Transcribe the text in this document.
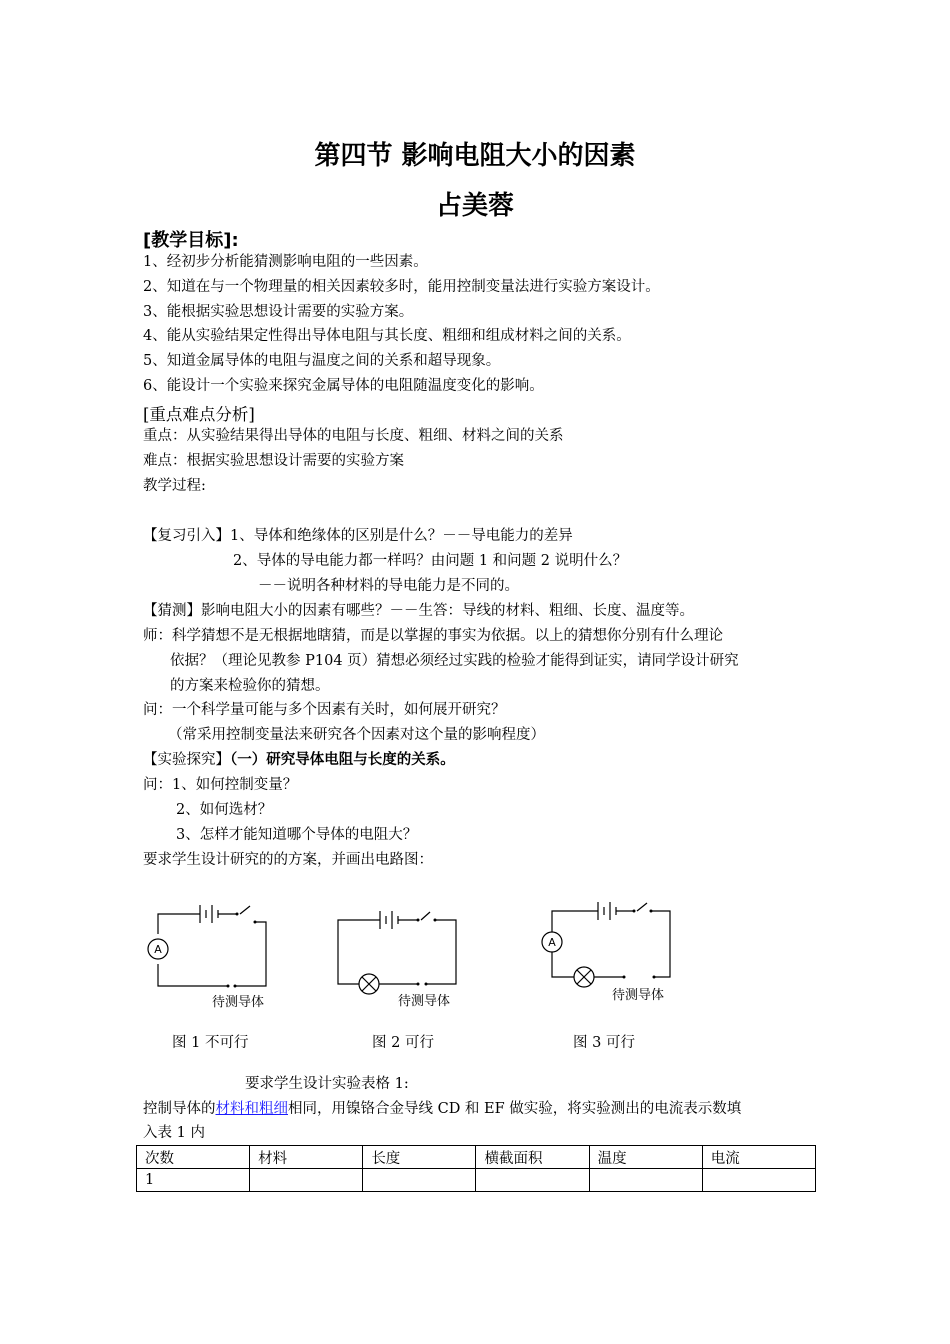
第四节 影响电阻大小的因素
占美蓉
[教学目标]:
1、经初步分析能猜测影响电阻的一些因素。
2、知道在与一个物理量的相关因素较多时，能用控制变量法进行实验方案设计。
3、能根据实验思想设计需要的实验方案。
4、能从实验结果定性得出导体电阻与其长度、粗细和组成材料之间的关系。
5、知道金属导体的电阻与温度之间的关系和超导现象。
6、能设计一个实验来探究金属导体的电阻随温度变化的影响。
[重点难点分析]
重点：从实验结果得出导体的电阻与长度、粗细、材料之间的关系
难点：根据实验思想设计需要的实验方案
教学过程:
【复习引入】1、导体和绝缘体的区别是什么？－－导电能力的差异
2、导体的导电能力都一样吗？由问题 1 和问题 2 说明什么？
－－说明各种材料的导电能力是不同的。
【猜测】影响电阻大小的因素有哪些？－－生答：导线的材料、粗细、长度、温度等。
师：科学猜想不是无根据地瞎猜，而是以掌握的事实为依据。以上的猜想你分别有什么理论
依据？（理论见教参 P104 页）猜想必须经过实践的检验才能得到证实，请同学设计研究
的方案来检验你的猜想。
问：一个科学量可能与多个因素有关时，如何展开研究？
（常采用控制变量法来研究各个因素对这个量的影响程度）
【实验探究】（一）研究导体电阻与长度的关系。
问：1、如何控制变量？
2、如何选材？
3、怎样才能知道哪个导体的电阻大？
要求学生设计研究的的方案，并画出电路图：
A
待测导体	待测导体
A
待测导体
图 1 不可行	图 2 可行	图 3 可行
要求学生设计实验表格 1:
控制导体的材料和粗细相同，用镍铬合金导线 CD 和 EF 做实验，将实验测出的电流表示数填
入表 1 内
次数	材料	长度	横截面积	温度	电流
1					
